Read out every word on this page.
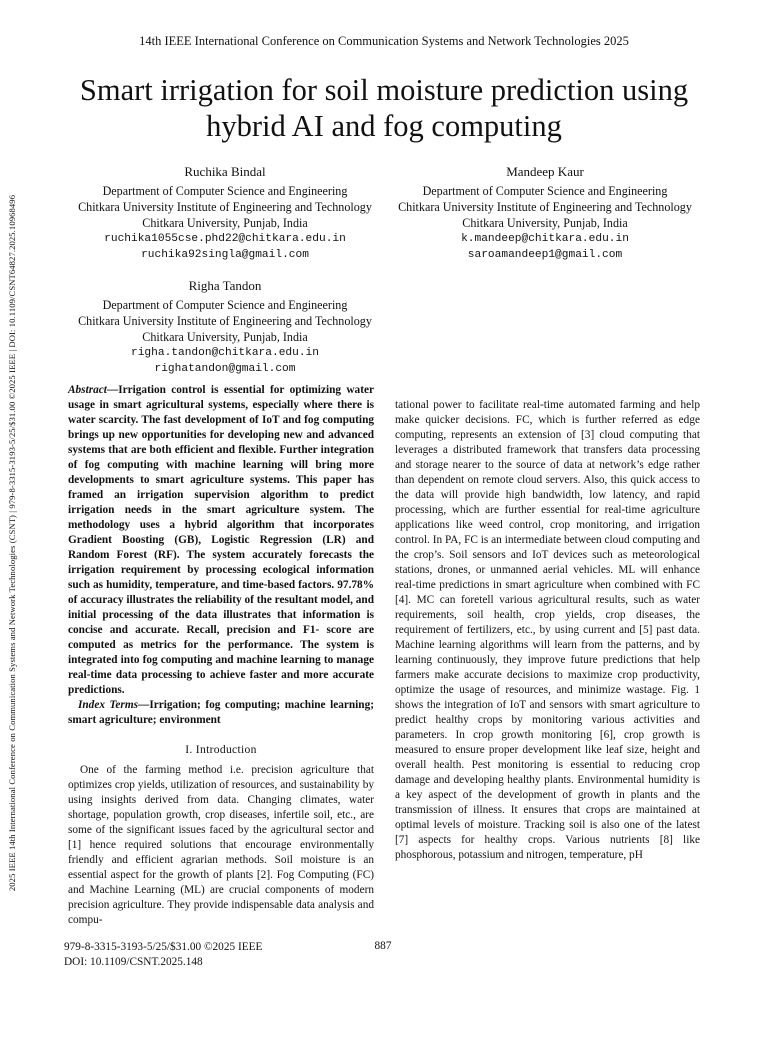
14th IEEE International Conference on Communication Systems and Network Technologies 2025
2025 IEEE 14th International Conference on Communication Systems and Network Technologies (CSNT) | 979-8-3315-3193-5/25/$31.00 ©2025 IEEE | DOI: 10.1109/CSNT64827.2025.10968496
Smart irrigation for soil moisture prediction using hybrid AI and fog computing
Ruchika Bindal
Department of Computer Science and Engineering
Chitkara University Institute of Engineering and Technology
Chitkara University, Punjab, India
ruchika1055cse.phd22@chitkara.edu.in
ruchika92singla@gmail.com
Mandeep Kaur
Department of Computer Science and Engineering
Chitkara University Institute of Engineering and Technology
Chitkara University, Punjab, India
k.mandeep@chitkara.edu.in
saroamandeep1@gmail.com
Righa Tandon
Department of Computer Science and Engineering
Chitkara University Institute of Engineering and Technology
Chitkara University, Punjab, India
righa.tandon@chitkara.edu.in
righatandon@gmail.com

Abstract—Irrigation control is essential for optimizing water usage in smart agricultural systems, especially where there is water scarcity. The fast development of IoT and fog computing brings up new opportunities for developing new and advanced systems that are both efficient and flexible. Further integration of fog computing with machine learning will bring more developments to smart agriculture systems. This paper has framed an irrigation supervision algorithm to predict irrigation needs in the smart agriculture system. The methodology uses a hybrid algorithm that incorporates Gradient Boosting (GB), Logistic Regression (LR) and Random Forest (RF). The system accurately forecasts the irrigation requirement by processing ecological information such as humidity, temperature, and time-based factors. 97.78% of accuracy illustrates the reliability of the resultant model, and initial processing of the data illustrates that information is concise and accurate. Recall, precision and F1- score are computed as metrics for the performance. The system is integrated into fog computing and machine learning to manage real-time data processing to achieve faster and more accurate predictions.

Index Terms—Irrigation; fog computing; machine learning; smart agriculture; environment

I. Introduction

One of the farming method i.e. precision agriculture that optimizes crop yields, utilization of resources, and sustainability by using insights derived from data. Changing climates, water shortage, population growth, crop diseases, infertile soil, etc., are some of the significant issues faced by the agricultural sector and [1] hence required solutions that encourage environmentally friendly and efficient agrarian methods. Soil moisture is an essential aspect for the growth of plants [2]. Fog Computing (FC) and Machine Learning (ML) are crucial components of modern precision agriculture. They provide indispensable data analysis and compu-

tational power to facilitate real-time automated farming and help make quicker decisions. FC, which is further referred as edge computing, represents an extension of [3] cloud computing that leverages a distributed framework that transfers data processing and storage nearer to the source of data at network’s edge rather than dependent on remote cloud servers. Also, this quick access to the data will provide high bandwidth, low latency, and rapid processing, which are further essential for real-time agriculture applications like weed control, crop monitoring, and irrigation control. In PA, FC is an intermediate between cloud computing and the crop’s. Soil sensors and IoT devices such as meteorological stations, drones, or unmanned aerial vehicles. ML will enhance real-time predictions in smart agriculture when combined with FC [4]. MC can foretell various agricultural results, such as water requirements, soil health, crop yields, crop diseases, the requirement of fertilizers, etc., by using current and [5] past data. Machine learning algorithms will learn from the patterns, and by learning continuously, they improve future predictions that help farmers make accurate decisions to maximize crop productivity, optimize the usage of resources, and minimize wastage. Fig. 1 shows the integration of IoT and sensors with smart agriculture to predict healthy crops by monitoring various activities and parameters. In crop growth monitoring [6], crop growth is measured to ensure proper development like leaf size, height and overall health. Pest monitoring is essential to reducing crop damage and developing healthy plants. Environmental humidity is a key aspect of the development of growth in plants and the transmission of illness. It ensures that crops are maintained at optimal levels of moisture. Tracking soil is also one of the latest [7] aspects for healthy crops. Various nutrients [8] like phosphorous, potassium and nitrogen, temperature, pH

979-8-3315-3193-5/25/$31.00 ©2025 IEEE
DOI: 10.1109/CSNT.2025.148
887
